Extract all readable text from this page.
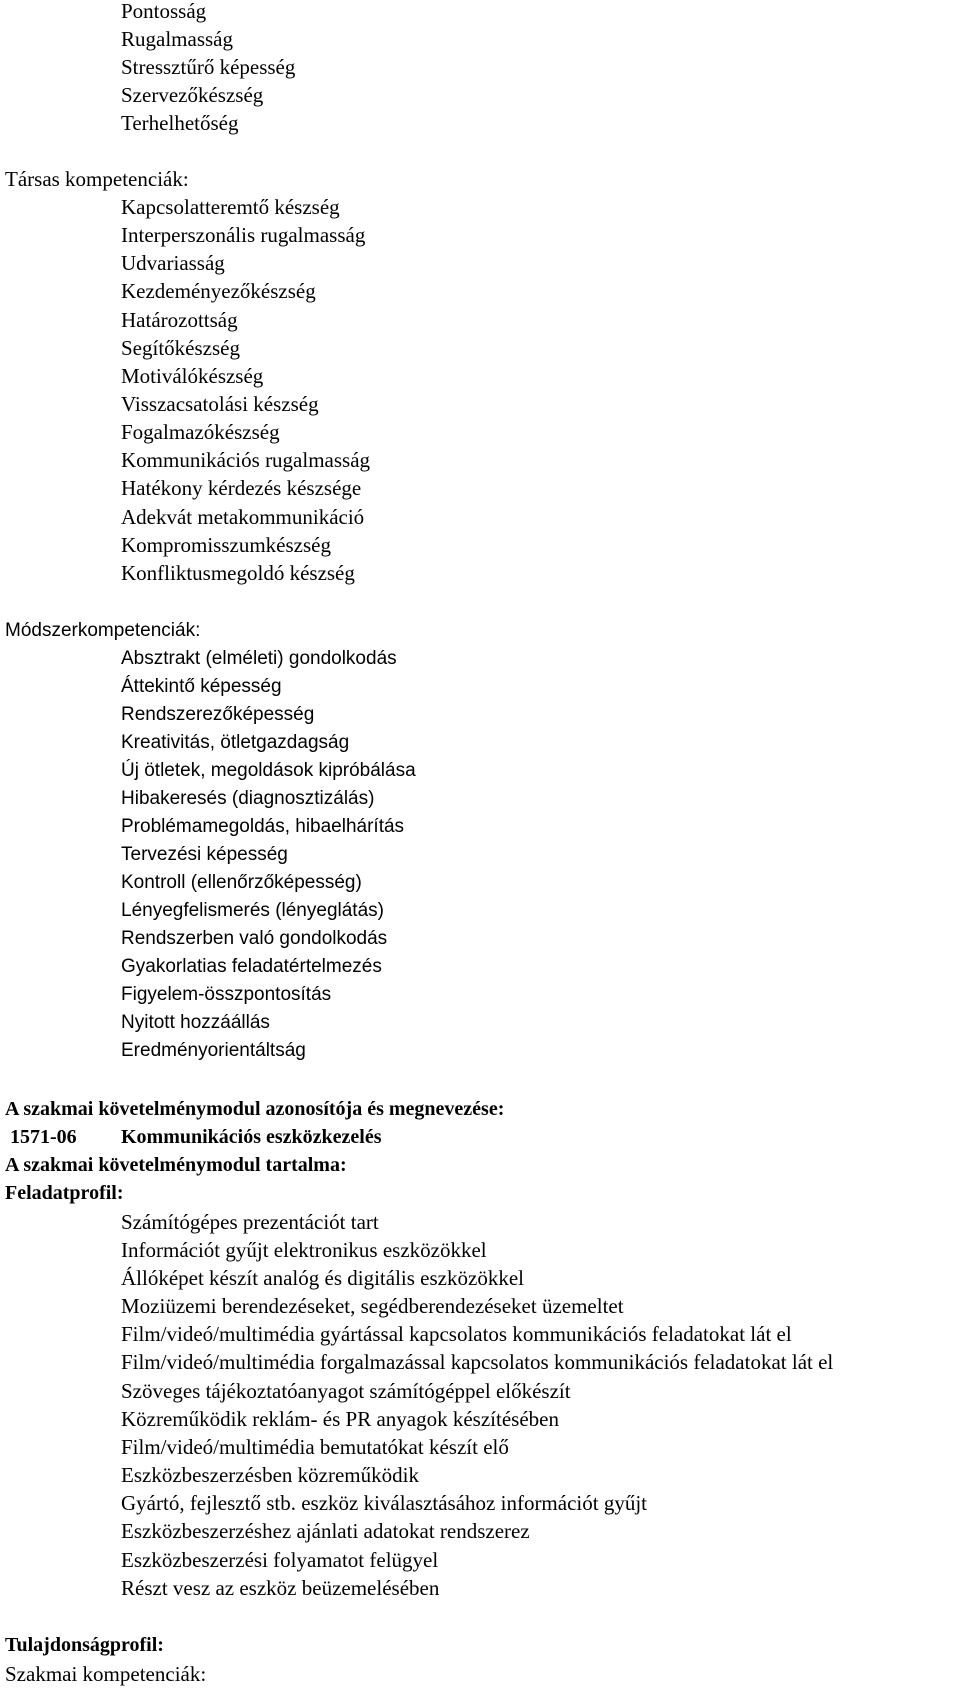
Pontosság
Rugalmasság
Stressztűrő képesség
Szervezőkészség
Terhelhetőség
Társas kompetenciák:
Kapcsolatteremtő készség
Interperszonális rugalmasság
Udvariasság
Kezdeményezőkészség
Határozottság
Segítőkészség
Motiválókészség
Visszacsatolási készség
Fogalmazókészség
Kommunikációs rugalmasság
Hatékony kérdezés készsége
Adekvát metakommunikáció
Kompromisszumkészség
Konfliktusmegoldó készség
Módszerkompetenciák:
Absztrakt (elméleti) gondolkodás
Áttekintő képesség
Rendszerezőképesség
Kreativitás, ötletgazdagság
Új ötletek, megoldások kipróbálása
Hibakeresés (diagnosztizálás)
Problémamegoldás, hibaelhárítás
Tervezési képesség
Kontroll (ellenőrzőképesség)
Lényegfelismerés (lényeglátás)
Rendszerben való gondolkodás
Gyakorlatias feladatértelmezés
Figyelem-összpontosítás
Nyitott hozzáállás
Eredményorientáltság
A szakmai követelménymodul azonosítója és megnevezése:
1571-06 Kommunikációs eszközkezelés
A szakmai követelménymodul tartalma:
Feladatprofil:
Számítógépes prezentációt tart
Információt gyűjt elektronikus eszközökkel
Állóképet készít analóg és digitális eszközökkel
Moziüzemi berendezéseket, segédberendezéseket üzemeltet
Film/videó/multimédia gyártással kapcsolatos kommunikációs feladatokat lát el
Film/videó/multimédia forgalmazással kapcsolatos kommunikációs feladatokat lát el
Szöveges tájékoztatóanyagot számítógéppel előkészít
Közreműködik reklám- és PR anyagok készítésében
Film/videó/multimédia bemutatókat készít elő
Eszközbeszerzésben közreműködik
Gyártó, fejlesztő stb. eszköz kiválasztásához információt gyűjt
Eszközbeszerzéshez ajánlati adatokat rendszerez
Eszközbeszerzési folyamatot felügyel
Részt vesz az eszköz beüzemelésében
Tulajdonságprofil:
Szakmai kompetenciák:
